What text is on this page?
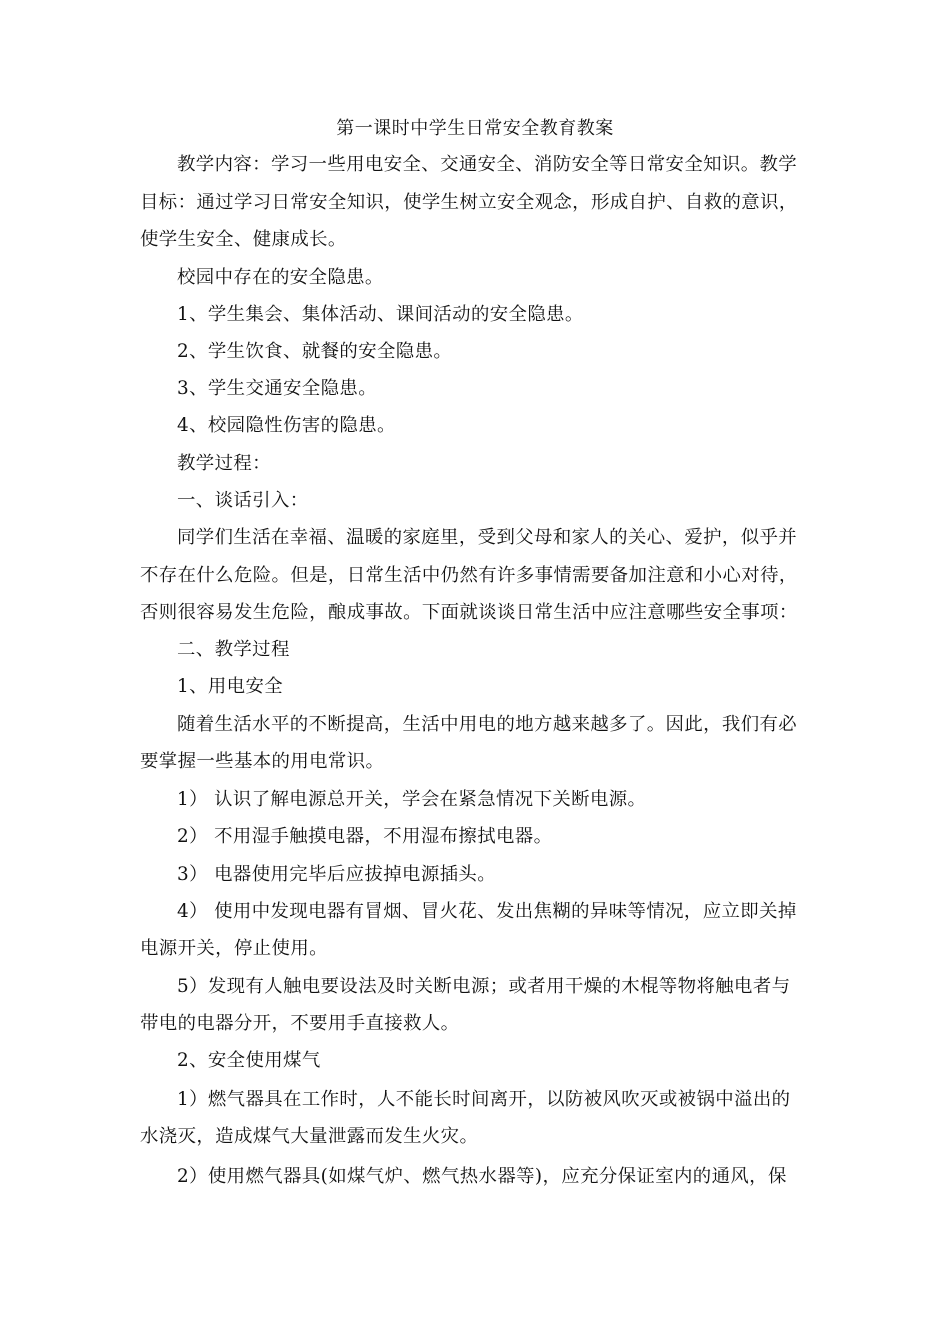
第一课时中学生日常安全教育教案
教学内容：学习一些用电安全、交通安全、消防安全等日常安全知识。教学
目标：通过学习日常安全知识，使学生树立安全观念，形成自护、自救的意识，
使学生安全、健康成长。
校园中存在的安全隐患。
1、学生集会、集体活动、课间活动的安全隐患。
2、学生饮食、就餐的安全隐患。
3、学生交通安全隐患。
4、校园隐性伤害的隐患。
教学过程：
一、谈话引入：
同学们生活在幸福、温暖的家庭里，受到父母和家人的关心、爱护，似乎并
不存在什么危险。但是，日常生活中仍然有许多事情需要备加注意和小心对待，
否则很容易发生危险，酿成事故。下面就谈谈日常生活中应注意哪些安全事项：
二、教学过程
1、用电安全
随着生活水平的不断提高，生活中用电的地方越来越多了。因此，我们有必
要掌握一些基本的用电常识。
1） 认识了解电源总开关，学会在紧急情况下关断电源。
2） 不用湿手触摸电器，不用湿布擦拭电器。
3） 电器使用完毕后应拔掉电源插头。
4） 使用中发现电器有冒烟、冒火花、发出焦糊的异味等情况，应立即关掉
电源开关，停止使用。
5）发现有人触电要设法及时关断电源；或者用干燥的木棍等物将触电者与
带电的电器分开，不要用手直接救人。
2、安全使用煤气
1）燃气器具在工作时，人不能长时间离开，以防被风吹灭或被锅中溢出的
水浇灭，造成煤气大量泄露而发生火灾。
2）使用燃气器具(如煤气炉、燃气热水器等)，应充分保证室内的通风，保
